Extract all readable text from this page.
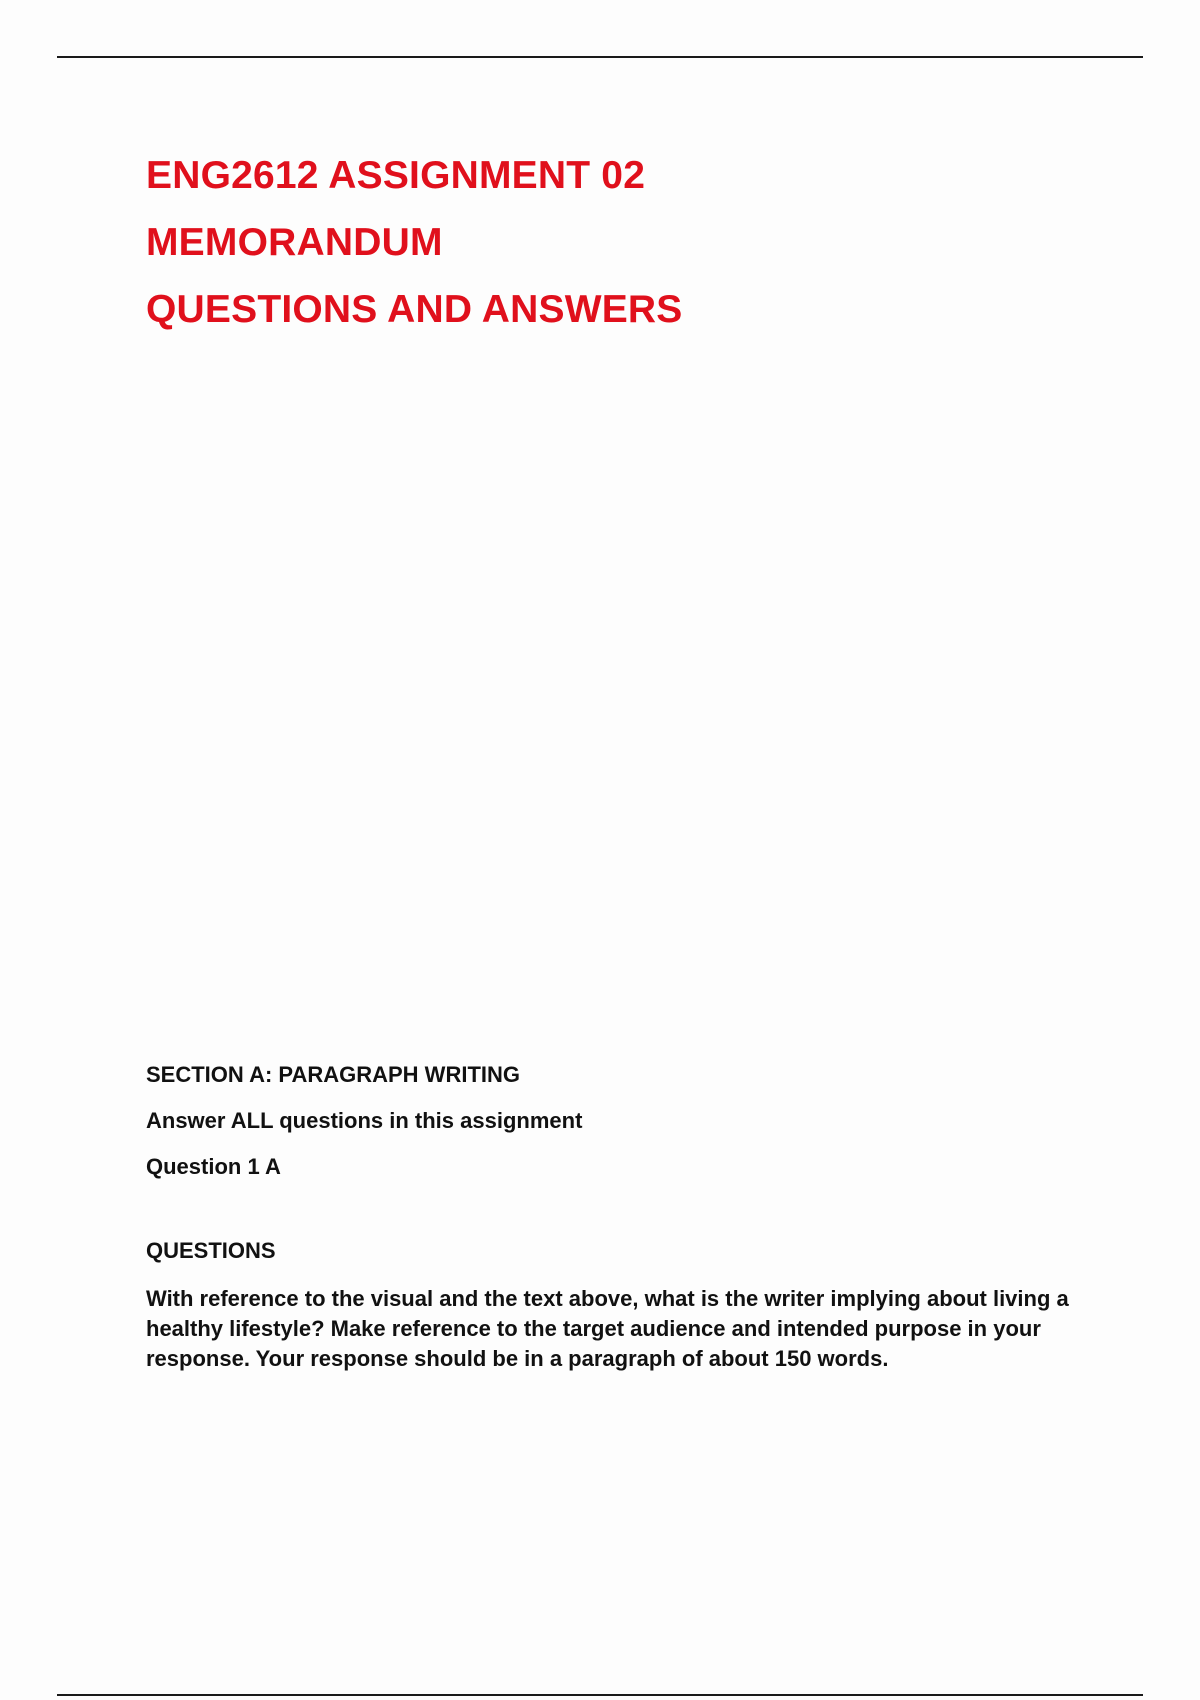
ENG2612 ASSIGNMENT 02
MEMORANDUM
QUESTIONS AND ANSWERS
SECTION A: PARAGRAPH WRITING
Answer ALL questions in this assignment
Question 1 A
QUESTIONS
With reference to the visual and the text above, what is the writer implying about living a healthy lifestyle? Make reference to the target audience and intended purpose in your response. Your response should be in a paragraph of about 150 words.
